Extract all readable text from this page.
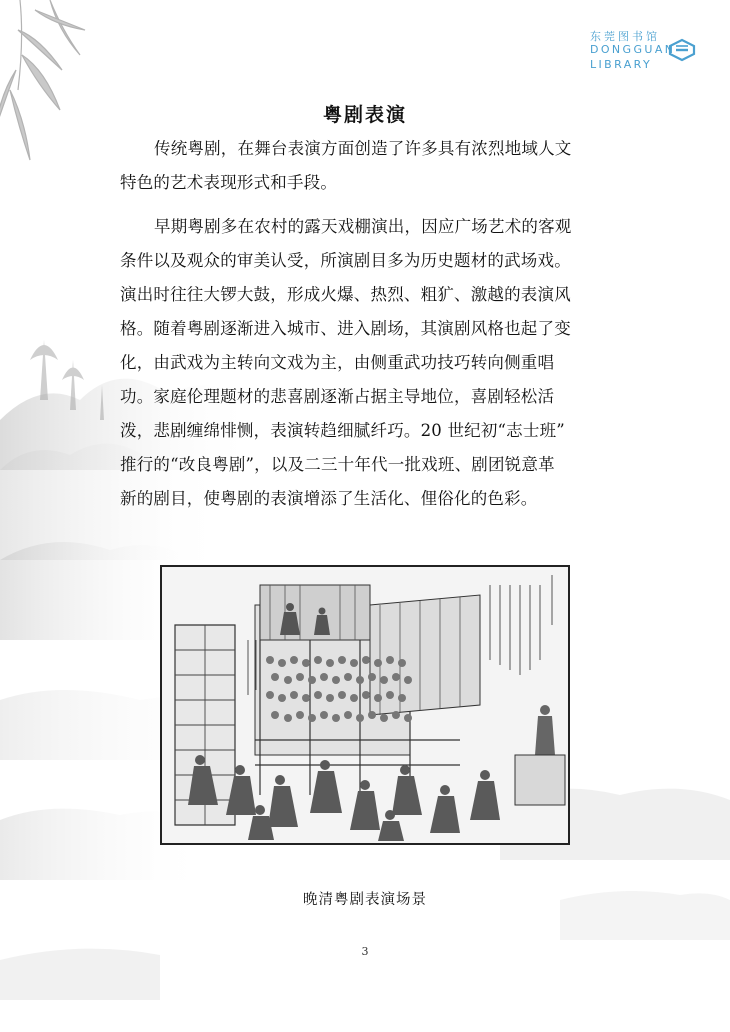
东莞图书馆
DONGGUAN
LIBRARY
粤剧表演
传统粤剧，在舞台表演方面创造了许多具有浓烈地域人文
特色的艺术表现形式和手段。
早期粤剧多在农村的露天戏棚演出，因应广场艺术的客观
条件以及观众的审美认受，所演剧目多为历史题材的武场戏。
演出时往往大锣大鼓，形成火爆、热烈、粗犷、激越的表演风
格。随着粤剧逐渐进入城市、进入剧场，其演剧风格也起了变
化，由武戏为主转向文戏为主，由侧重武功技巧转向侧重唱
功。家庭伦理题材的悲喜剧逐渐占据主导地位，喜剧轻松活
泼，悲剧缠绵悱恻，表演转趋细腻纤巧。20 世纪初“志士班”
推行的“改良粤剧”，以及二三十年代一批戏班、剧团锐意革
新的剧目，使粤剧的表演增添了生活化、俚俗化的色彩。
晚清粤剧表演场景
3
